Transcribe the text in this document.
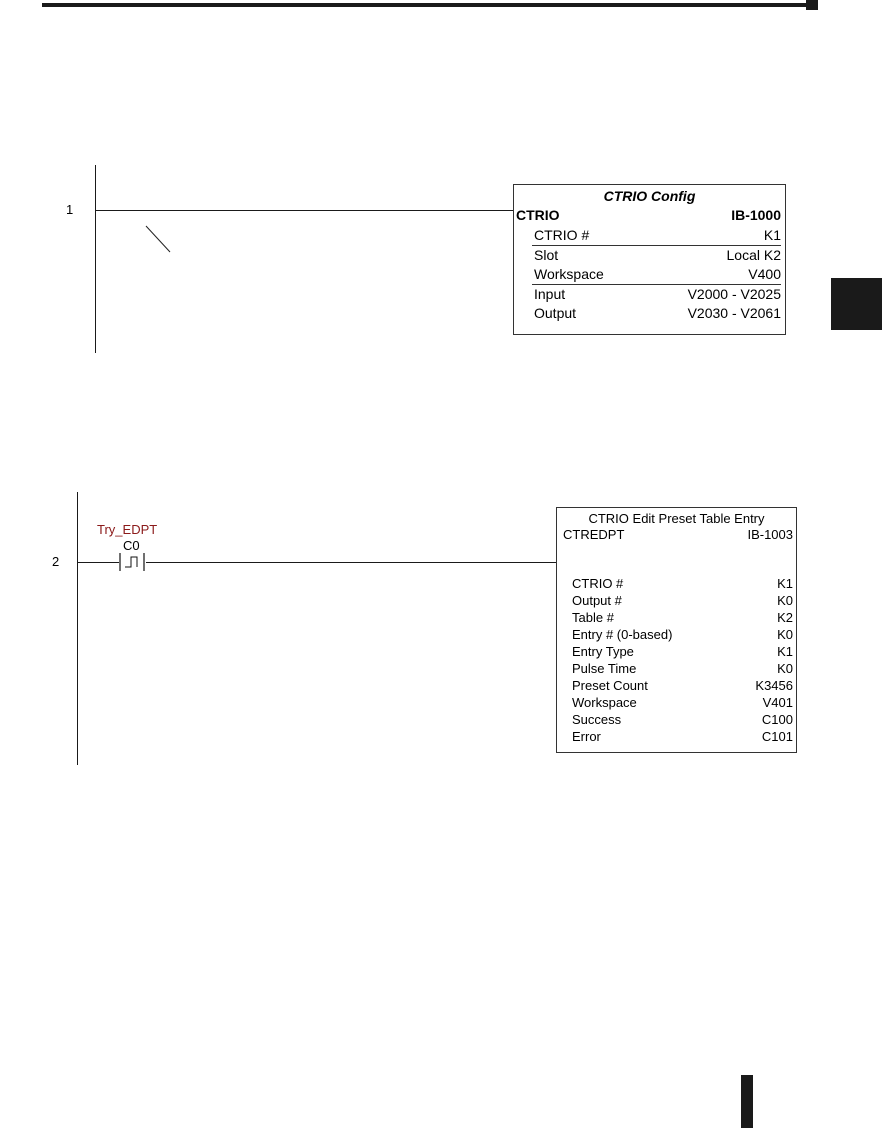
1
CTRIO Config
CTRIO	IB-1000
CTRIO #	K1
Slot	Local K2
Workspace	V400
Input	V2000 - V2025
Output	V2030 - V2061
2
Try_EDPT
C0
CTRIO Edit Preset Table Entry
CTREDPT	IB-1003
CTRIO #	K1
Output #	K0
Table #	K2
Entry # (0-based)	K0
Entry Type	K1
Pulse Time	K0
Preset Count	K3456
Workspace	V401
Success	C100
Error	C101
